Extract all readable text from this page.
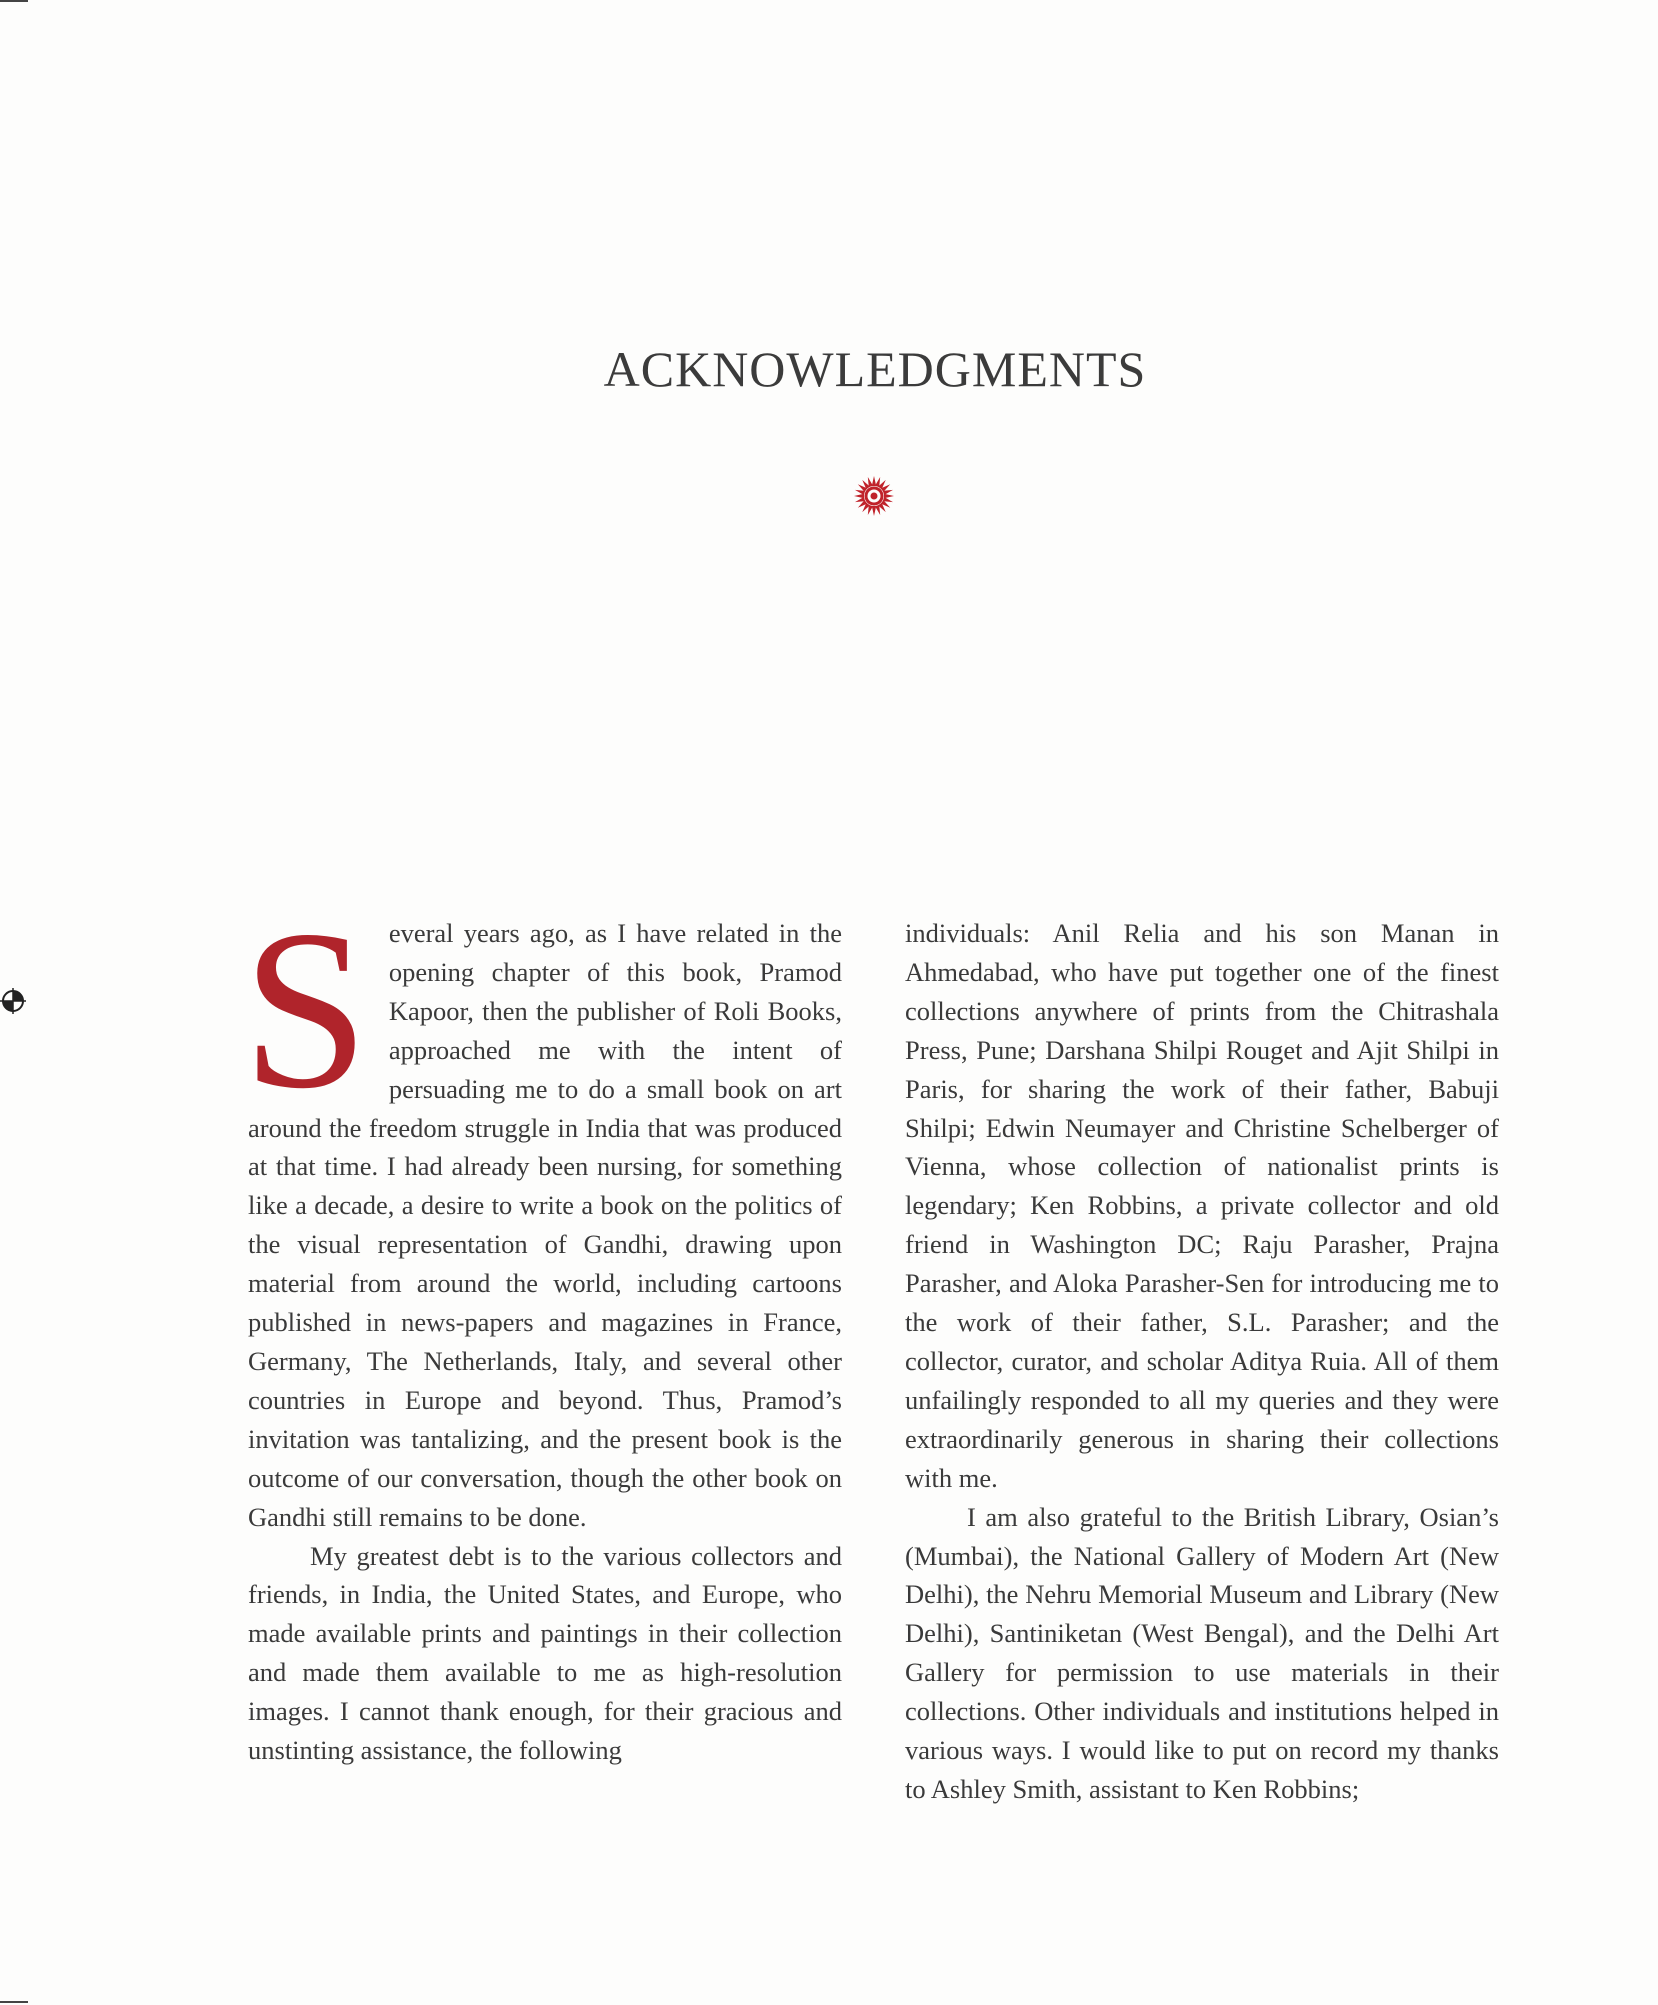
ACKNOWLEDGMENTS

Several years ago, as I have related in the opening chapter of this book, Pramod Kapoor, then the publisher of Roli Books, approached me with the intent of persuading me to do a small book on art around the freedom struggle in India that was produced at that time. I had already been nursing, for something like a decade, a desire to write a book on the politics of the visual representation of Gandhi, drawing upon material from around the world, including cartoons published in news-papers and magazines in France, Germany, The Netherlands, Italy, and several other countries in Europe and beyond. Thus, Pramod’s invitation was tantalizing, and the present book is the outcome of our conversation, though the other book on Gandhi still remains to be done.

My greatest debt is to the various collectors and friends, in India, the United States, and Europe, who made available prints and paintings in their collection and made them available to me as high-resolution images. I cannot thank enough, for their gracious and unstinting assistance, the following

individuals: Anil Relia and his son Manan in Ahmedabad, who have put together one of the finest collections anywhere of prints from the Chitrashala Press, Pune; Darshana Shilpi Rouget and Ajit Shilpi in Paris, for sharing the work of their father, Babuji Shilpi; Edwin Neumayer and Christine Schelberger of Vienna, whose collection of nationalist prints is legendary; Ken Robbins, a private collector and old friend in Washington DC; Raju Parasher, Prajna Parasher, and Aloka Parasher-Sen for introducing me to the work of their father, S.L. Parasher; and the collector, curator, and scholar Aditya Ruia. All of them unfailingly responded to all my queries and they were extraordinarily generous in sharing their collections with me.

I am also grateful to the British Library, Osian’s (Mumbai), the National Gallery of Modern Art (New Delhi), the Nehru Memorial Museum and Library (New Delhi), Santiniketan (West Bengal), and the Delhi Art Gallery for permission to use materials in their collections. Other individuals and institutions helped in various ways. I would like to put on record my thanks to Ashley Smith, assistant to Ken Robbins;
